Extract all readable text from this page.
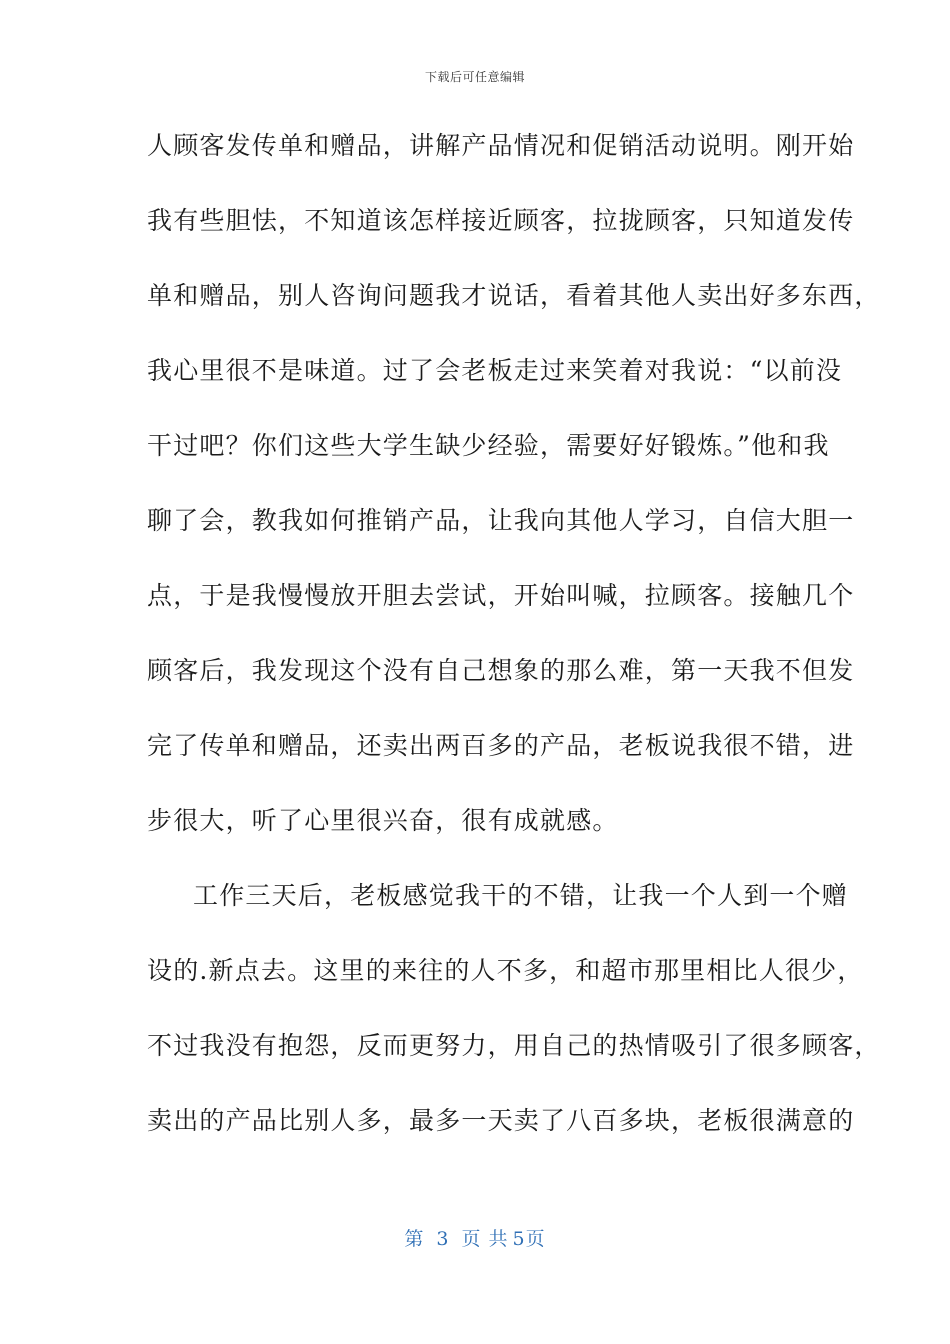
下载后可任意编辑
人顾客发传单和赠品，讲解产品情况和促销活动说明。刚开始
我有些胆怯，不知道该怎样接近顾客，拉拢顾客，只知道发传
单和赠品，别人咨询问题我才说话，看着其他人卖出好多东西，
我心里很不是味道。过了会老板走过来笑着对我说：“以前没
干过吧？你们这些大学生缺少经验，需要好好锻炼。”他和我
聊了会，教我如何推销产品，让我向其他人学习，自信大胆一
点，于是我慢慢放开胆去尝试，开始叫喊，拉顾客。接触几个
顾客后，我发现这个没有自己想象的那么难，第一天我不但发
完了传单和赠品，还卖出两百多的产品，老板说我很不错，进
步很大，听了心里很兴奋，很有成就感。
工作三天后，老板感觉我干的不错，让我一个人到一个赠
设的.新点去。这里的来往的人不多，和超市那里相比人很少，
不过我没有抱怨，反而更努力，用自己的热情吸引了很多顾客，
卖出的产品比别人多，最多一天卖了八百多块，老板很满意的
第 3 页 共 5页
